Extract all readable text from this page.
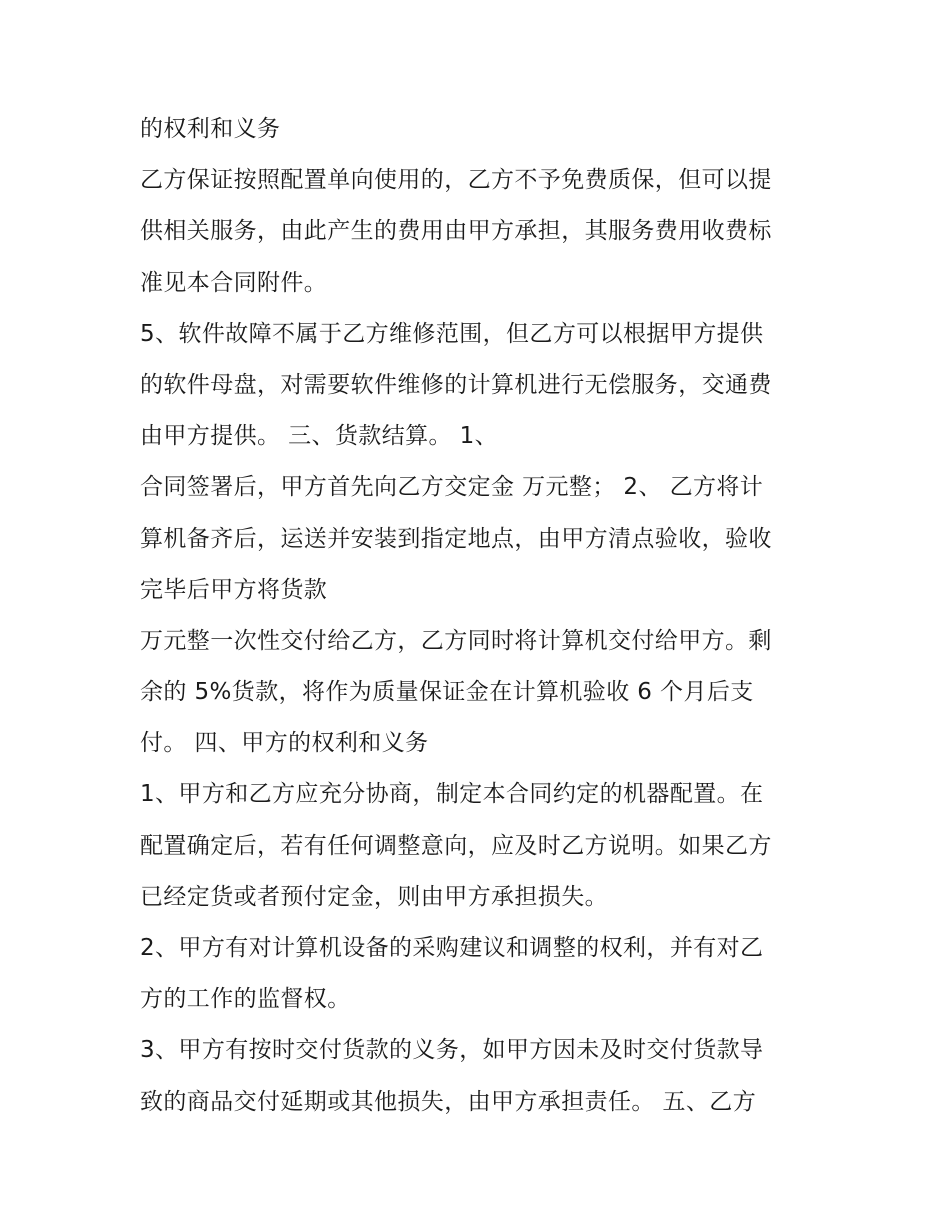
的权利和义务
乙方保证按照配置单向使用的，乙方不予免费质保，但可以提
供相关服务，由此产生的费用由甲方承担，其服务费用收费标
准见本合同附件。
5、软件故障不属于乙方维修范围，但乙方可以根据甲方提供
的软件母盘，对需要软件维修的计算机进行无偿服务，交通费
由甲方提供。 三、货款结算。 1、
合同签署后，甲方首先向乙方交定金 万元整； 2、 乙方将计
算机备齐后，运送并安装到指定地点，由甲方清点验收，验收
完毕后甲方将货款
万元整一次性交付给乙方，乙方同时将计算机交付给甲方。剩
余的 5%货款，将作为质量保证金在计算机验收 6 个月后支
付。 四、甲方的权利和义务
1、甲方和乙方应充分协商，制定本合同约定的机器配置。在
配置确定后，若有任何调整意向，应及时乙方说明。如果乙方
已经定货或者预付定金，则由甲方承担损失。
2、甲方有对计算机设备的采购建议和调整的权利，并有对乙
方的工作的监督权。
3、甲方有按时交付货款的义务，如甲方因未及时交付货款导
致的商品交付延期或其他损失，由甲方承担责任。 五、乙方
